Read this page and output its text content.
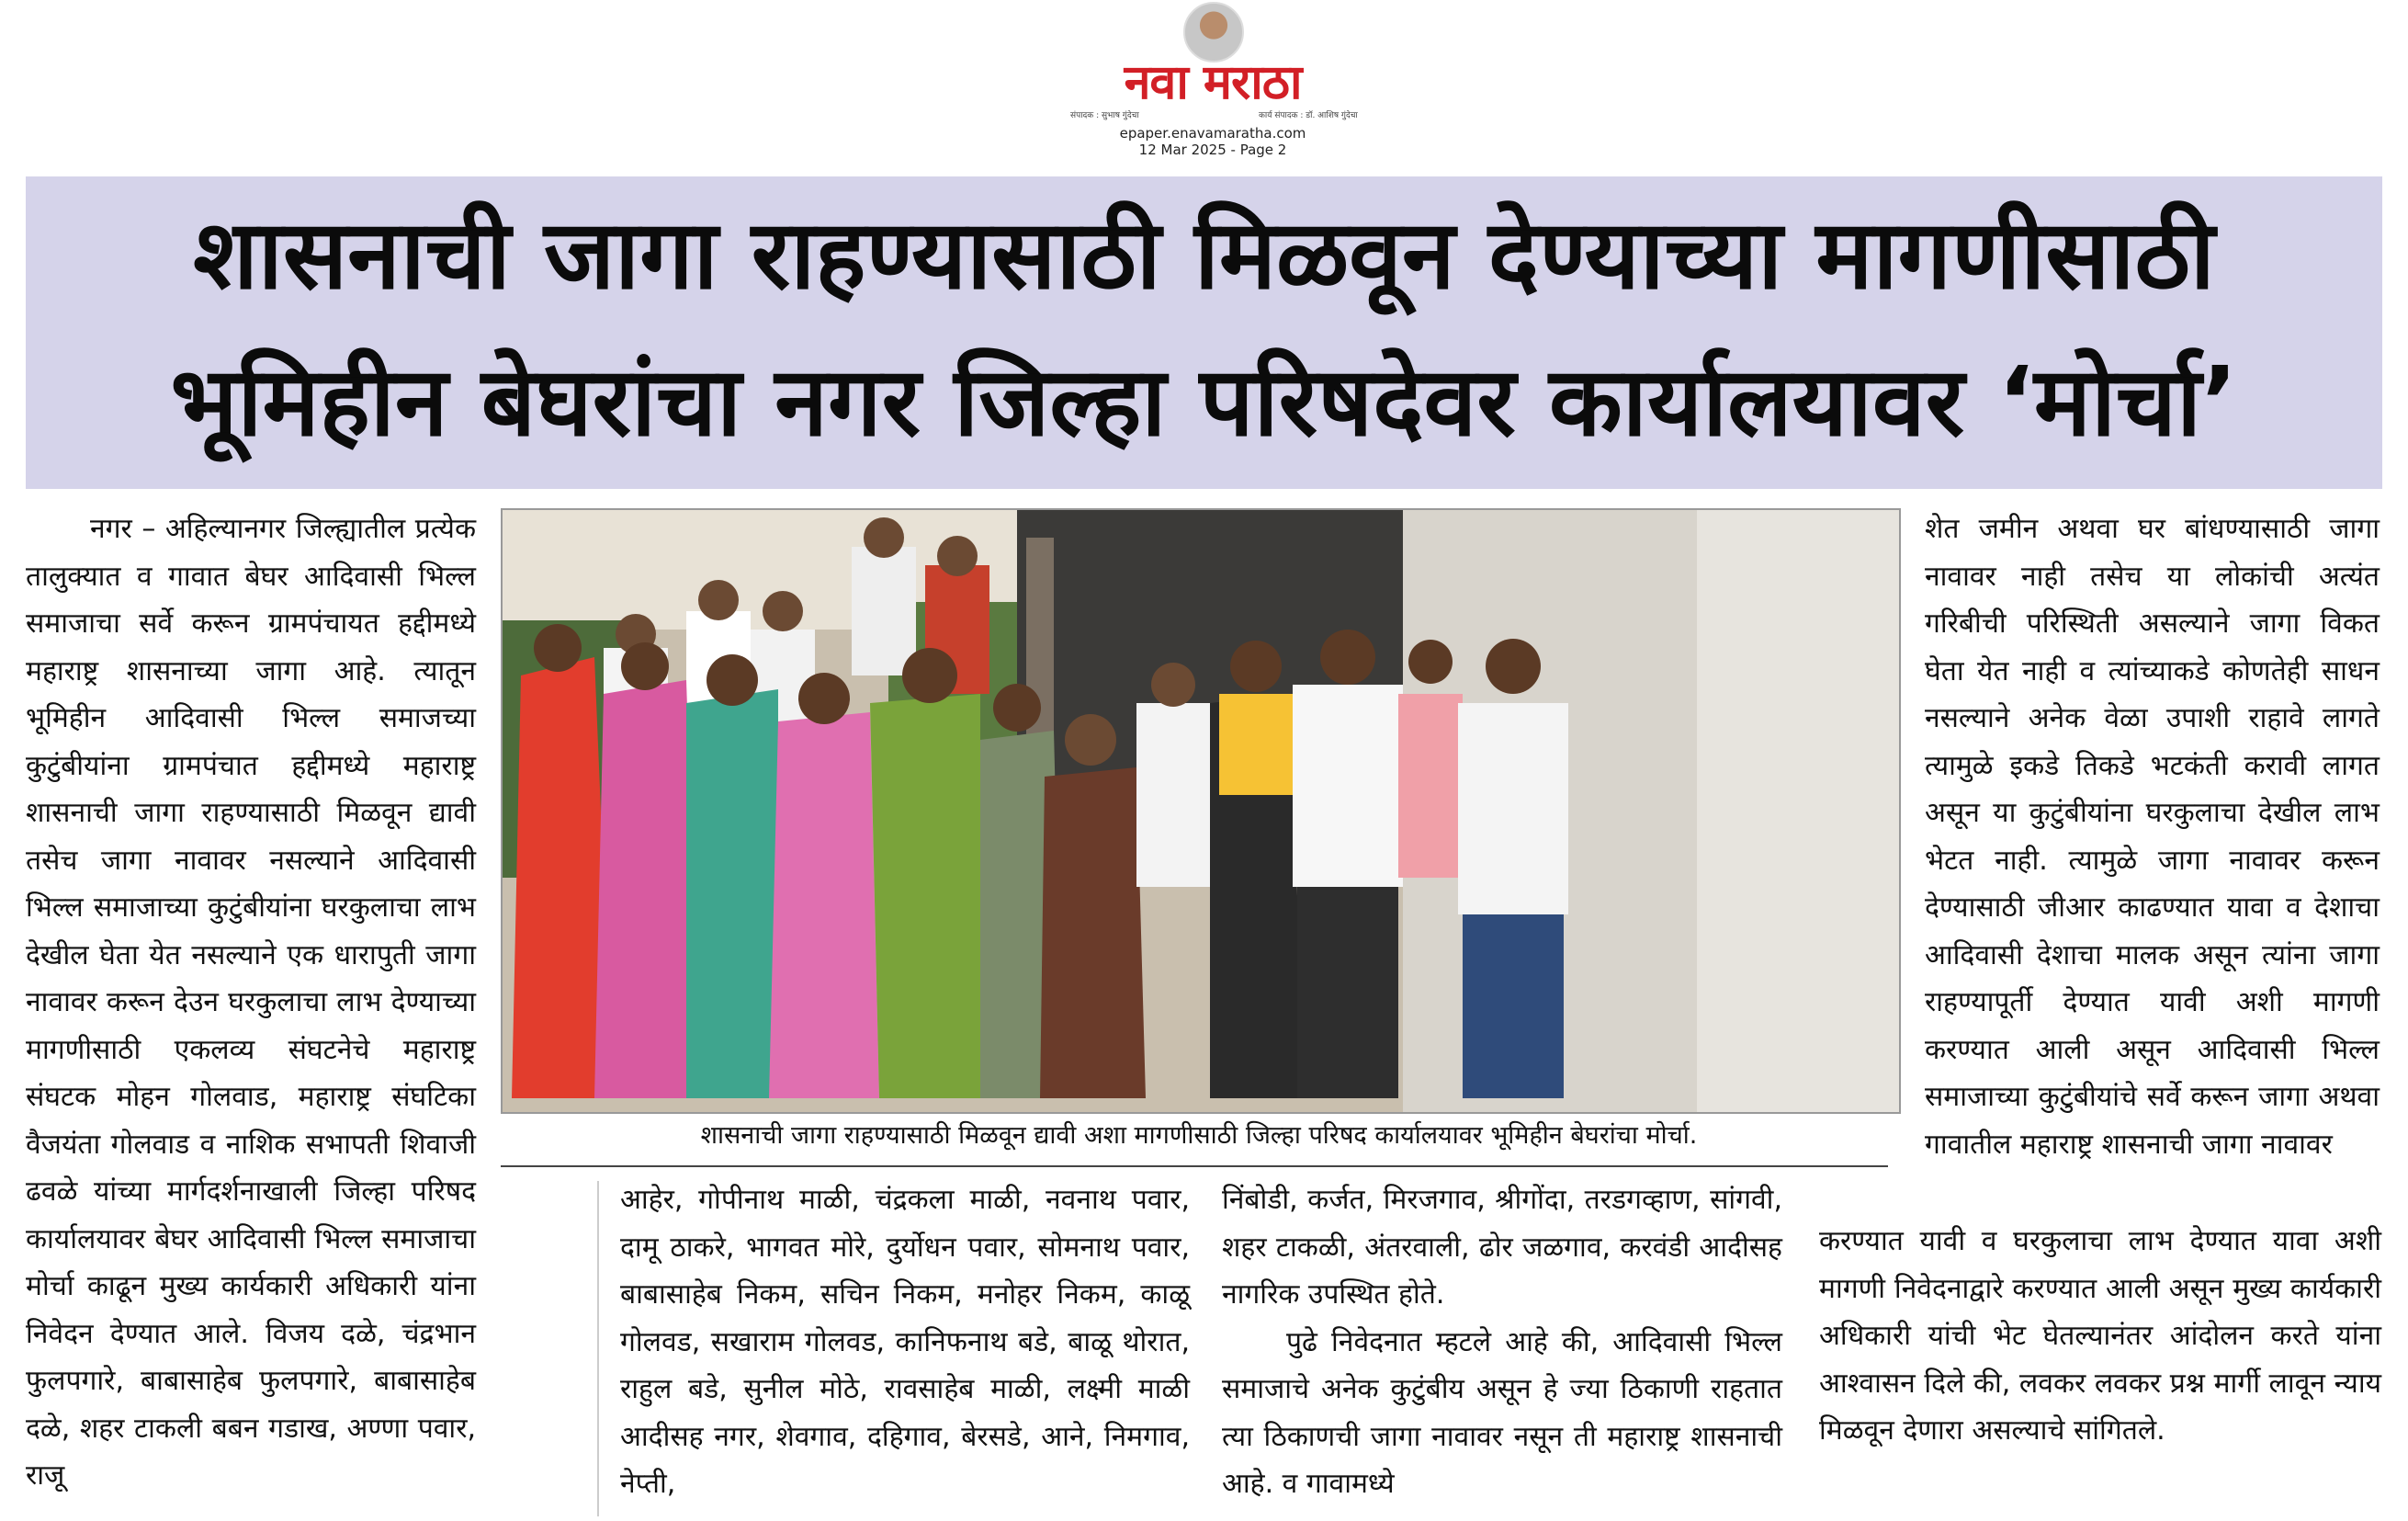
नवा मराठा
संपादक : सुभाष गुंदेचा	कार्य संपादक : डॉ. आशिष गुंदेचा
epaper.enavamaratha.com
12 Mar 2025 - Page 2
शासनाची जागा राहण्यासाठी मिळवून देण्याच्या मागणीसाठी
भूमिहीन बेघरांचा नगर जिल्हा परिषदेवर कार्यालयावर ‘मोर्चा’

नगर – अहिल्यानगर जिल्ह्यातील प्रत्येक तालुक्यात व गावात बेघर आदिवासी भिल्ल समाजाचा सर्वे करून ग्रामपंचायत हद्दीमध्ये महाराष्ट्र शासनाच्या जागा आहे. त्यातून भूमिहीन आदिवासी भिल्ल समाजच्या कुटुंबीयांना ग्रामपंचात हद्दीमध्ये महाराष्ट्र शासनाची जागा राहण्यासाठी मिळवून द्यावी तसेच जागा नावावर नसल्याने आदिवासी भिल्ल समाजाच्या कुटुंबीयांना घरकुलाचा लाभ देखील घेता येत नसल्याने एक धारापुती जागा नावावर करून देउन घरकुलाचा लाभ देण्याच्या मागणीसाठी एकलव्य संघटनेचे महाराष्ट्र संघटक मोहन गोलवाड, महाराष्ट्र संघटिका वैजयंता गोलवाड व नाशिक सभापती शिवाजी ढवळे यांच्या मार्गदर्शनाखाली जिल्हा परिषद कार्यालयावर बेघर आदिवासी भिल्ल समाजाचा मोर्चा काढून मुख्य कार्यकारी अधिकारी यांना निवेदन देण्यात आले. विजय दळे, चंद्रभान फुलपगारे, बाबासाहेब फुलपगारे, बाबासाहेब दळे, शहर टाकली बबन गडाख, अण्णा पवार, राजू

शासनाची जागा राहण्यासाठी मिळवून द्यावी अशा मागणीसाठी जिल्हा परिषद कार्यालयावर भूमिहीन बेघरांचा मोर्चा.

आहेर, गोपीनाथ माळी, चंद्रकला माळी, नवनाथ पवार, दामू ठाकरे, भागवत मोरे, दुर्योधन पवार, सोमनाथ पवार, बाबासाहेब निकम, सचिन निकम, मनोहर निकम, काळू गोलवड, सखाराम गोलवड, कानिफनाथ बडे, बाळू थोरात, राहुल बडे, सुनील मोठे, रावसाहेब माळी, लक्ष्मी माळी आदीसह नगर, शेवगाव, दहिगाव, बेरसडे, आने, निमगाव, नेप्ती,

निंबोडी, कर्जत, मिरजगाव, श्रीगोंदा, तरडगव्हाण, सांगवी, शहर टाकळी, अंतरवाली, ढोर जळगाव, करवंडी आदीसह नागरिक उपस्थित होते.

पुढे निवेदनात म्हटले आहे की, आदिवासी भिल्ल समाजाचे अनेक कुटुंबीय असून हे ज्या ठिकाणी राहतात त्या ठिकाणची जागा नावावर नसून ती महाराष्ट्र शासनाची आहे. व गावामध्ये

शेत जमीन अथवा घर बांधण्यासाठी जागा नावावर नाही तसेच या लोकांची अत्यंत गरिबीची परिस्थिती असल्याने जागा विकत घेता येत नाही व त्यांच्याकडे कोणतेही साधन नसल्याने अनेक वेळा उपाशी राहावे लागते त्यामुळे इकडे तिकडे भटकंती करावी लागत असून या कुटुंबीयांना घरकुलाचा देखील लाभ भेटत नाही. त्यामुळे जागा नावावर करून देण्यासाठी जीआर काढण्यात यावा व देशाचा आदिवासी देशाचा मालक असून त्यांना जागा राहण्यापूर्ती देण्यात यावी अशी मागणी करण्यात आली असून आदिवासी भिल्ल समाजाच्या कुटुंबीयांचे सर्वे करून जागा अथवा गावातील महाराष्ट्र शासनाची जागा नावावर

करण्यात यावी व घरकुलाचा लाभ देण्यात यावा अशी मागणी निवेदनाद्वारे करण्यात आली असून मुख्य कार्यकारी अधिकारी यांची भेट घेतल्यानंतर आंदोलन करते यांना आश्वासन दिले की, लवकर लवकर प्रश्न मार्गी लावून न्याय मिळवून देणारा असल्याचे सांगितले.
